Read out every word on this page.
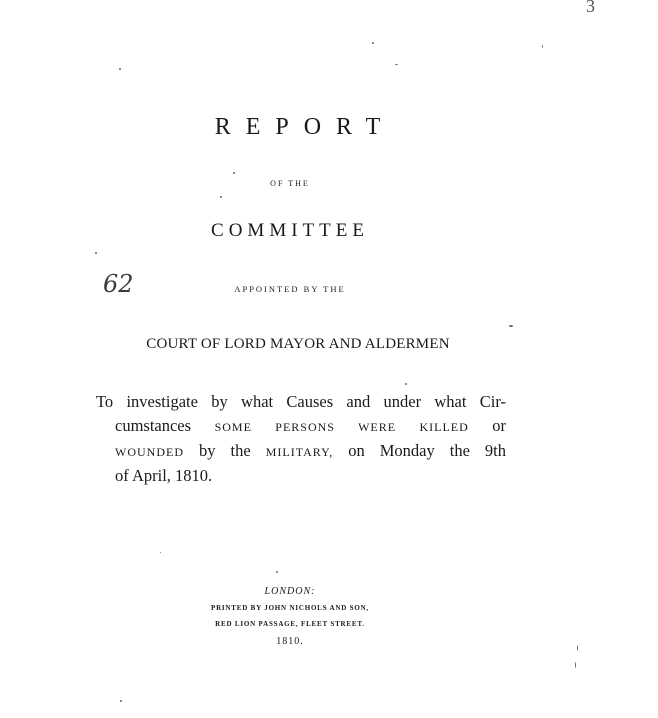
3
REPORT
OF THE
COMMITTEE
62	APPOINTED BY THE
COURT OF LORD MAYOR AND ALDERMEN
To investigate by what Causes and under what Cir-
cumstances SOME PERSONS WERE KILLED or
WOUNDED by the MILITARY, on Monday the 9th
of April, 1810.
LONDON:
PRINTED BY JOHN NICHOLS AND SON,
RED LION PASSAGE, FLEET STREET.
1810.
